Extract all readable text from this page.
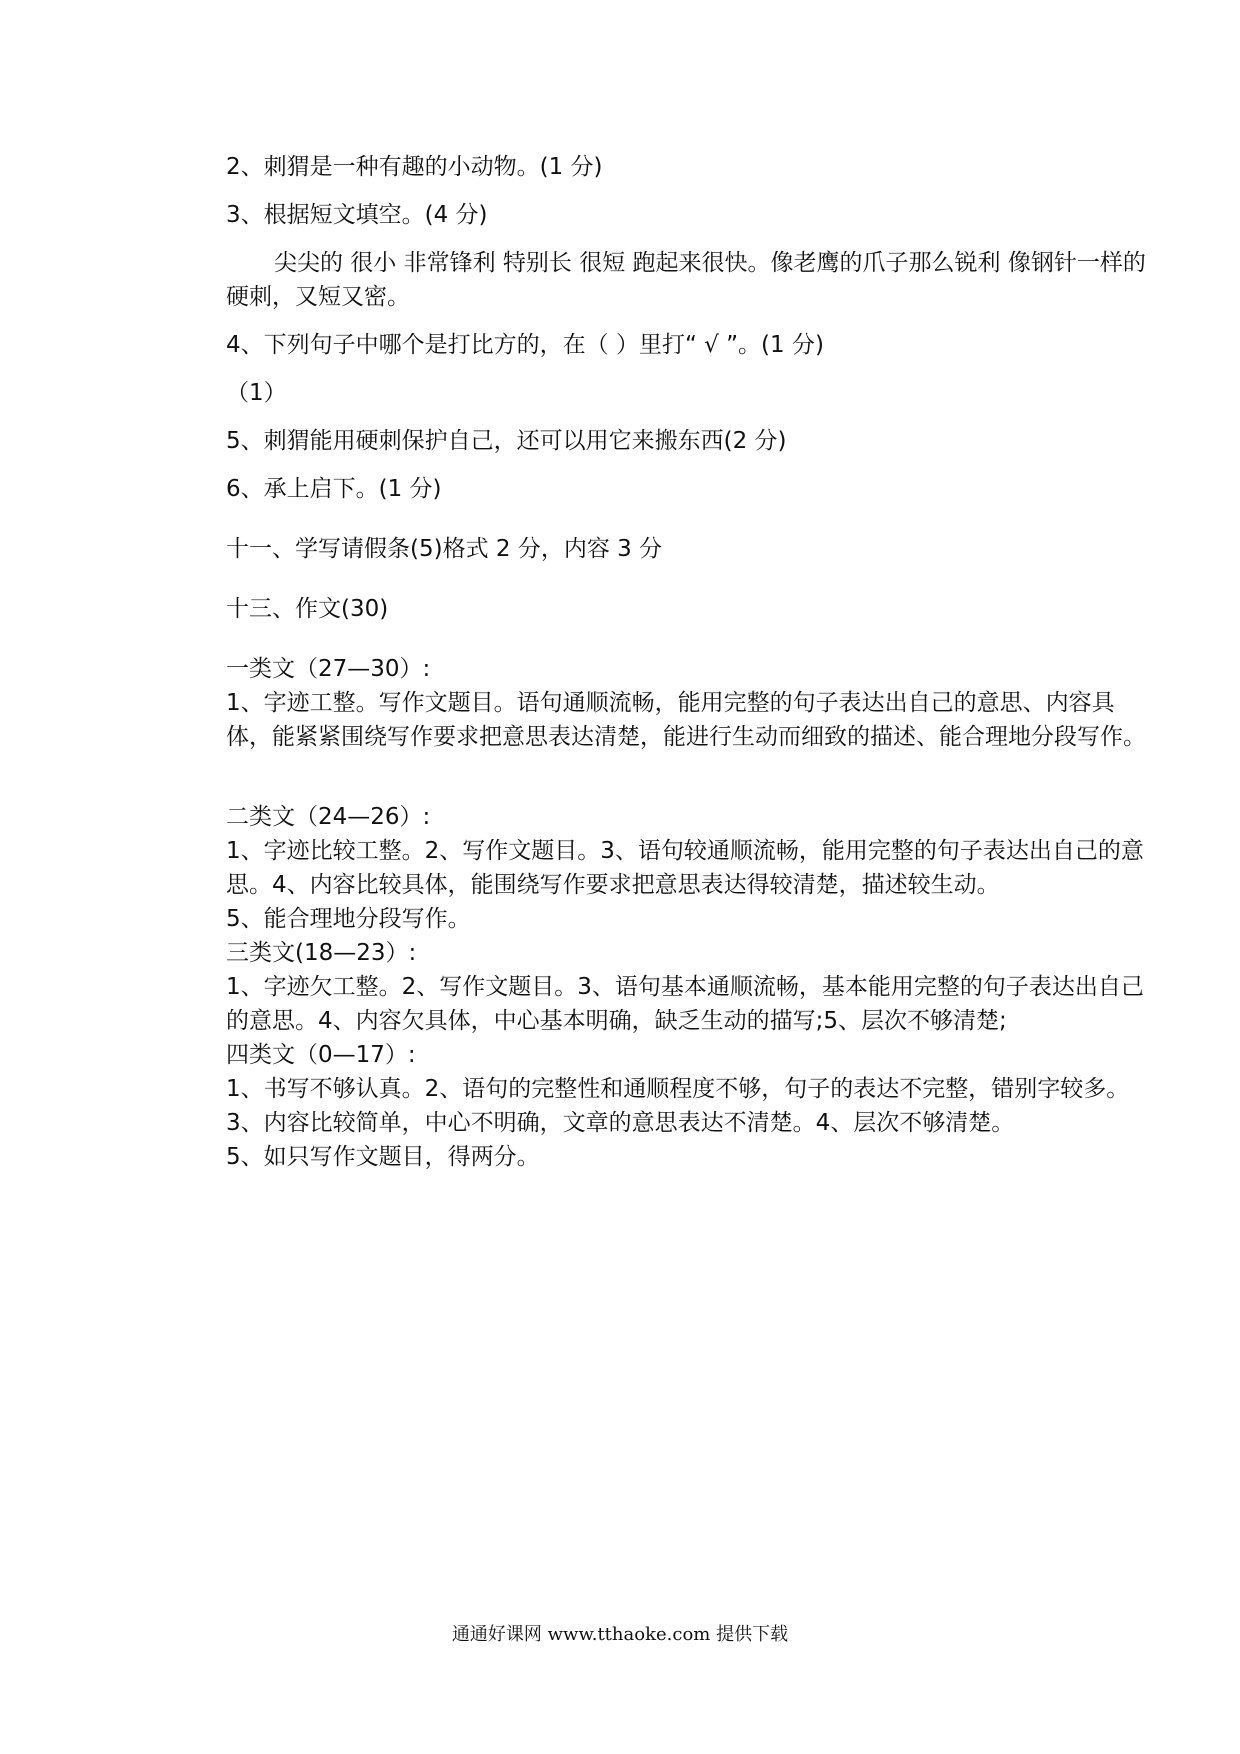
2、刺猬是一种有趣的小动物。(1 分)
3、根据短文填空。(4 分)
尖尖的 很小 非常锋利 特别长 很短 跑起来很快。像老鹰的爪子那么锐利 像钢针一样的硬刺，又短又密。
4、下列句子中哪个是打比方的，在（ ）里打“ √ ”。(1 分)
（1）
5、刺猬能用硬刺保护自己，还可以用它来搬东西(2 分)
6、承上启下。(1 分)
十一、学写请假条(5)格式 2 分，内容 3 分
十三、作文(30)
一类文（27—30）:
1、字迹工整。写作文题目。语句通顺流畅，能用完整的句子表达出自己的意思、内容具体，能紧紧围绕写作要求把意思表达清楚，能进行生动而细致的描述、能合理地分段写作。
二类文（24—26）:
1、字迹比较工整。2、写作文题目。3、语句较通顺流畅，能用完整的句子表达出自己的意思。4、内容比较具体，能围绕写作要求把意思表达得较清楚，描述较生动。
5、能合理地分段写作。
三类文(18—23）:
1、字迹欠工整。2、写作文题目。3、语句基本通顺流畅，基本能用完整的句子表达出自己的意思。4、内容欠具体，中心基本明确，缺乏生动的描写;5、层次不够清楚;
四类文（0—17）:
1、书写不够认真。2、语句的完整性和通顺程度不够，句子的表达不完整，错别字较多。
3、内容比较简单，中心不明确，文章的意思表达不清楚。4、层次不够清楚。
5、如只写作文题目，得两分。
通通好课网 www.tthaoke.com 提供下载
